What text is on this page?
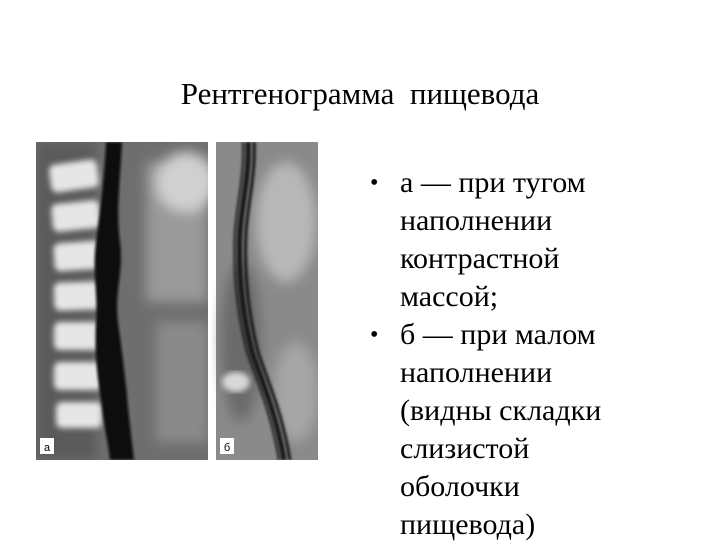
Рентгенограмма  пищевода
а	б
• а — при тугом
наполнении
контрастной
массой;
• б — при малом
наполнении
(видны складки
слизистой
оболочки
пищевода)
